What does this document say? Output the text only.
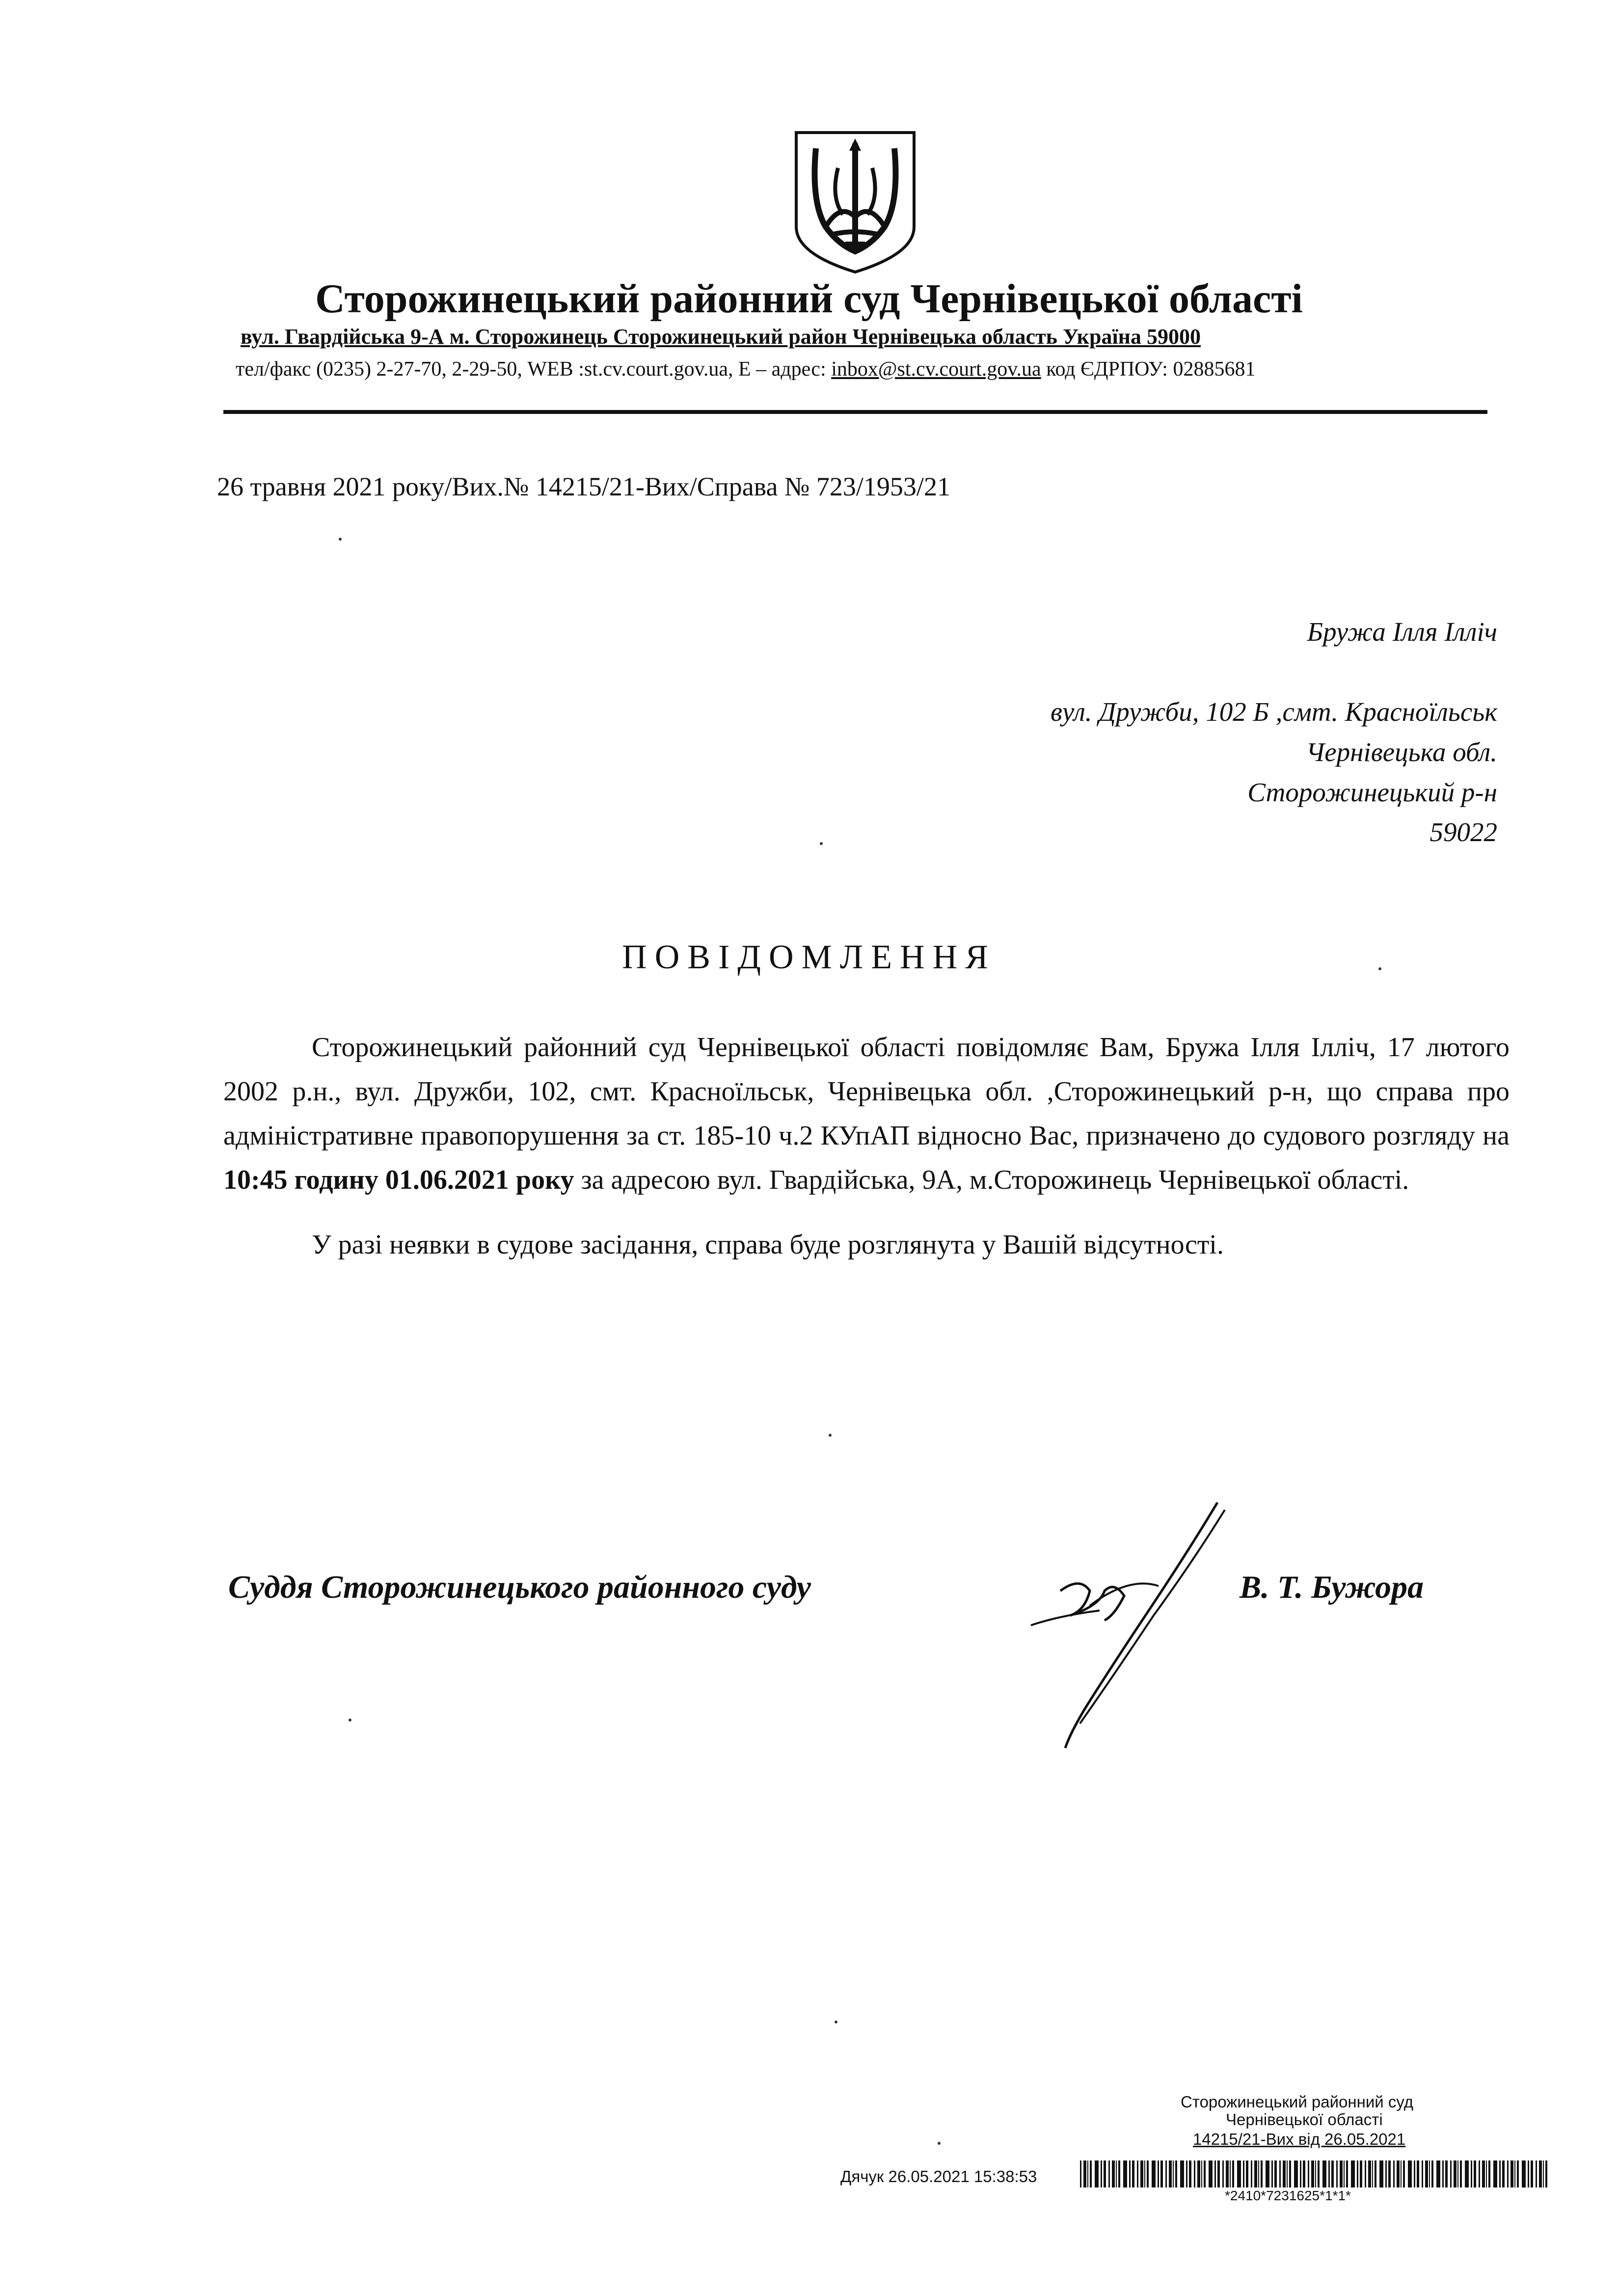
Сторожинецький районний суд Чернівецької області
вул. Гвардійська 9-А м. Сторожинець Сторожинецький район Чернівецька область Україна 59000
тел/факс (0235) 2-27-70, 2-29-50, WEB :st.cv.court.gov.ua, E – адрес: inbox@st.cv.court.gov.ua код ЄДРПОУ: 02885681
26 травня 2021 року/Вих.№ 14215/21-Вих/Справа № 723/1953/21
Бружа Ілля Ілліч
вул. Дружби, 102 Б ,смт. Красноїльськ
Чернівецька обл.
Сторожинецький р-н
59022
ПОВІДОМЛЕННЯ

Сторожинецький районний суд Чернівецької області повідомляє Вам, Бружа Ілля Ілліч, 17 лютого 2002 р.н., вул. Дружби, 102, смт. Красноїльськ, Чернівецька обл. ,Сторожинецький р-н, що справа про адміністративне правопорушення за ст. 185-10 ч.2 КУпАП відносно Вас, призначено до судового розгляду на 10:45 годину 01.06.2021 року за адресою вул. Гвардійська, 9А, м.Сторожинець Чернівецької області.

У разі неявки в судове засідання, справа буде розглянута у Вашій відсутності.

Суддя Сторожинецького районного суду	В. Т. Бужора
Сторожинецький районний суд
Чернівецької області
14215/21-Вих від 26.05.2021
Дячук 26.05.2021 15:38:53
*2410*7231625*1*1*
